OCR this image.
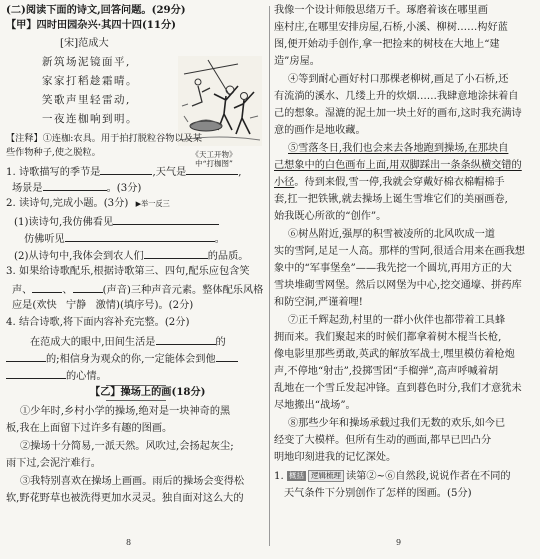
(二)阅读下面的诗文,回答问题。(29分)
【甲】四时田园杂兴·其四十四(11分)
[宋]范成大
新筑场泥镜面平,
家家打稻趁霜晴。
笑歌声里轻雷动,
一夜连枷响到明。
《天工开物》
中“打枷图”
【注释】①连枷:农具。用于拍打脱粒谷物以及某
些作物种子,使之脱粒。
1. 诗歌描写的季节是	,天气是	,
场景是	。(3分)
2. 读诗句,完成小题。(3分) ▶举一反三
(1)读诗句,我仿佛看见
仿佛听见	。
(2)从诗句中,我体会到农人们	的品质。
3. 如果给诗歌配乐,根据诗歌第三、四句,配乐应包含笑
声、	、	(声音)三种声音元素。整体配乐风格
应是(欢快 宁静 激情)(填序号)。(2分)
4. 结合诗歌,将下面内容补充完整。(2分)
在范成大的眼中,田间生活是	的
的;相信身为观众的你,一定能体会到他
的心情。
【乙】操场上的画(18分)
①少年时,乡村小学的操场,绝对是一块神奇的黑
板,我在上面留下过许多有趣的图画。
②操场十分简易,一派天然。风吹过,会扬起灰尘;
雨下过,会泥泞难行。
③我特别喜欢在操场上画画。雨后的操场会变得松
软,野花野草也被洗得更加水灵灵。独自面对这么大的
8
我像一个设计师般思绪万千。琢磨着该在哪里画
座村庄,在哪里安排房屋,石桥,小溪、柳树……构好蓝
图,便开始动手创作,拿一把捡来的树枝在大地上“建
造”房屋。
④等到耐心画好村口那棵老柳树,画足了小石桥,还
有流淌的溪水、几缕上升的炊烟……我肆意地涂抹着自
己的想象。湿漉的泥土加一块土好的画布,这时我充满诗
意的画作是地收藏。
⑤雪落冬日,我们也会来去各地跑到操场,在那块自
己想象中的白色画布上面,用双脚踩出一条条纵横交错的
小径。待到来假,雪一停,我就会穿戴好棉衣棉帽棉手
套,扛一把铁锹,就去操场上诞生雪堆它们的美丽画卷,
始我既心所欲的“创作”。
⑥树丛附近,强厚的积雪被凌所的北风吹成一道
实的雪阿,足足一人高。那样的雪阿,很适合用来在画我想
象中的“军事堡垒”——我先挖一个圆坑,再用方正的大
雪块堆砌雪网堡。然后以网堡为中心,挖交通壕、拼药库
和防空洞,严谨着哩!
⑦正千辉起劲,村里的一群小伙伴也都带着工具蜂
拥而来。我们聚起来的时候们都拿着树木棍当长枪,
像电影里那些勇敢,英武的解放军战士,嘿里模仿着枪炮
声,不停地“射击”,投掷雪团“手榴弹”,高声呼喊着胡
乱地在一个雪丘发起冲锋。直到暮色时分,我们才意犹未
尽地搬出“战场”。
⑧那些少年和操场承载过我们无数的欢乐,如今已
经变了大模样。但所有生动的画面,都早已凹凸分
明地印刻进我的记忆深处。
1. 概括 逻辑梳理 读第②~⑥自然段,说说作者在不同的
天气条件下分别创作了怎样的图画。(5分)
9
